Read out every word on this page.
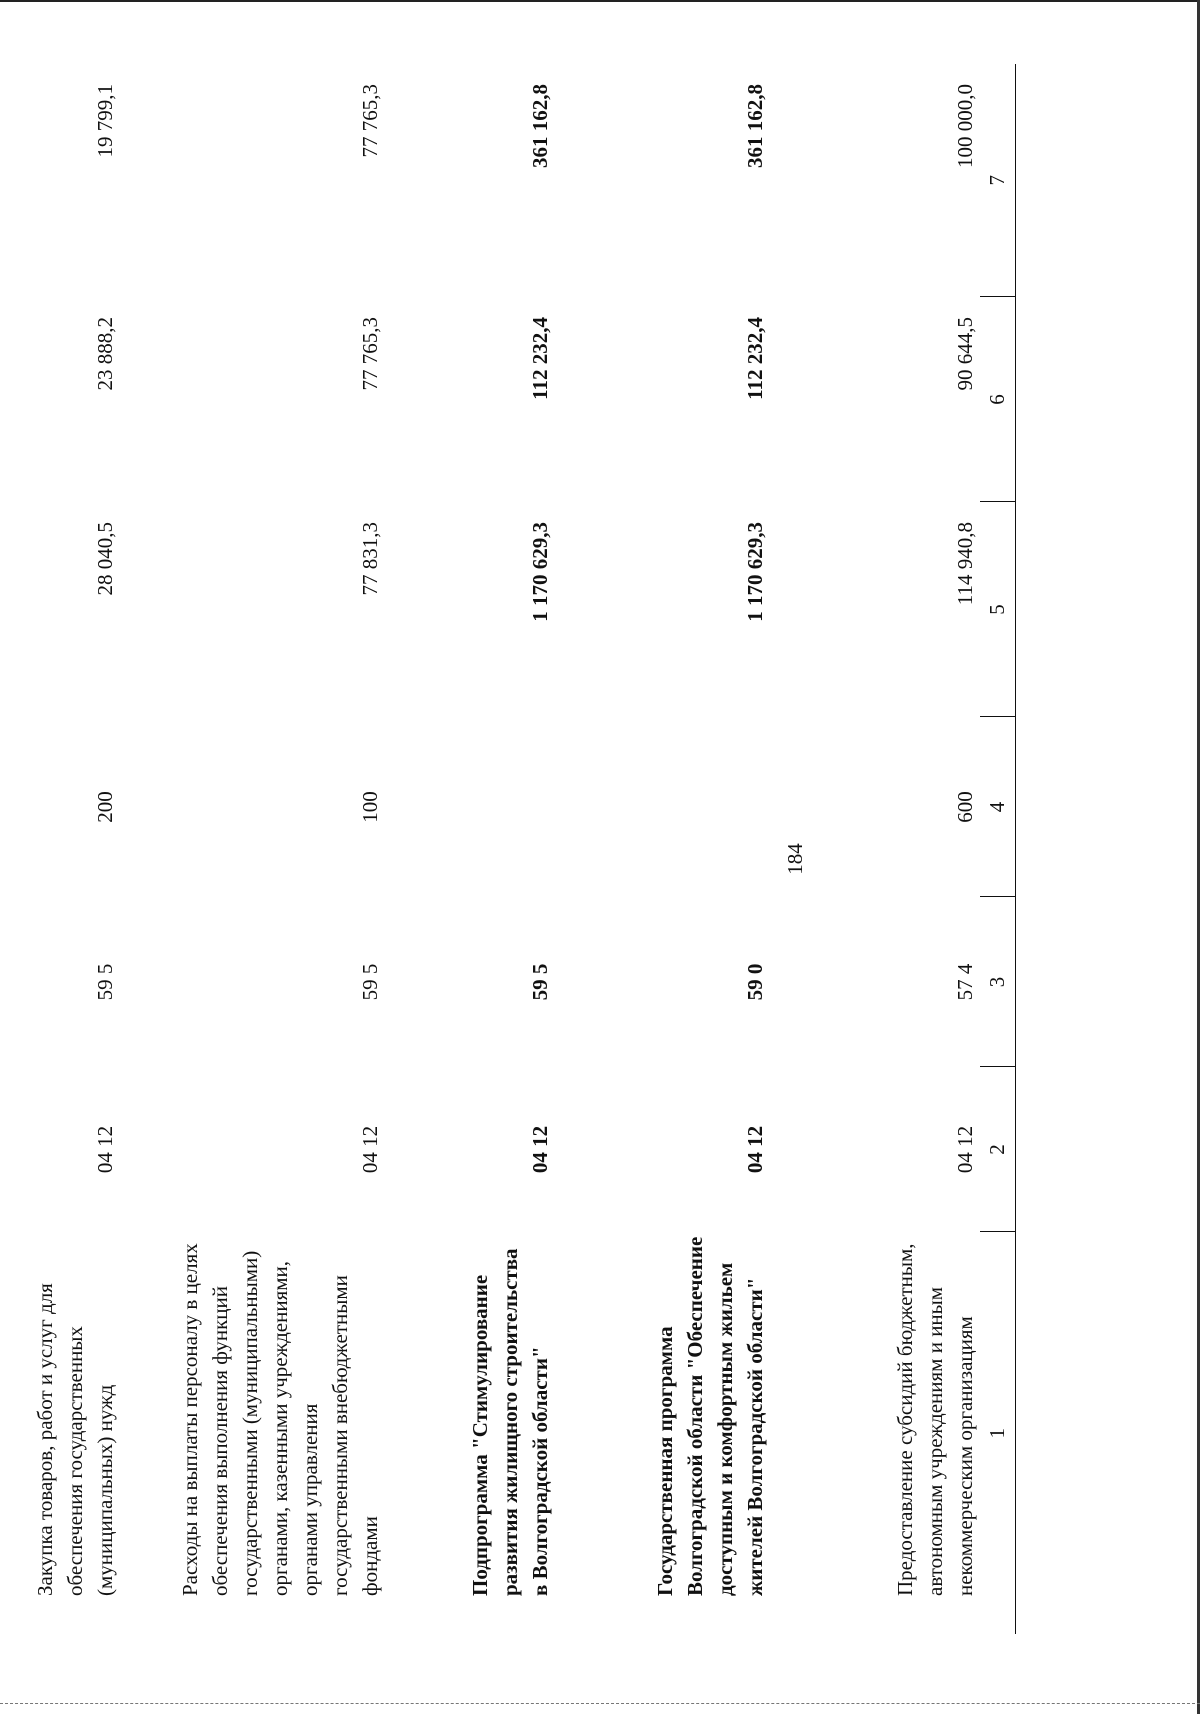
184
1	2	3	4	5	6	7

Предоставление субсидий бюджетным, автономным учреждениям и иным некоммерческим организациям	04 12	57 4	600	114 940,8	90 644,5	100 000,0

Государственная программа Волгоградской области "Обеспечение доступным и комфортным жильем жителей Волгоградской области"	04 12	59 0		1 170 629,3	112 232,4	361 162,8

Подпрограмма "Стимулирование развития жилищного строительства в Волгоградской области"	04 12	59 5		1 170 629,3	112 232,4	361 162,8

Расходы на выплаты персоналу в целях обеспечения выполнения функций государственными (муниципальными) органами, казенными учреждениями, органами управления государственными внебюджетными фондами	04 12	59 5	100	77 831,3	77 765,3	77 765,3

Закупка товаров, работ и услуг для обеспечения государственных (муниципальных) нужд	04 12	59 5	200	28 040,5	23 888,2	19 799,1
